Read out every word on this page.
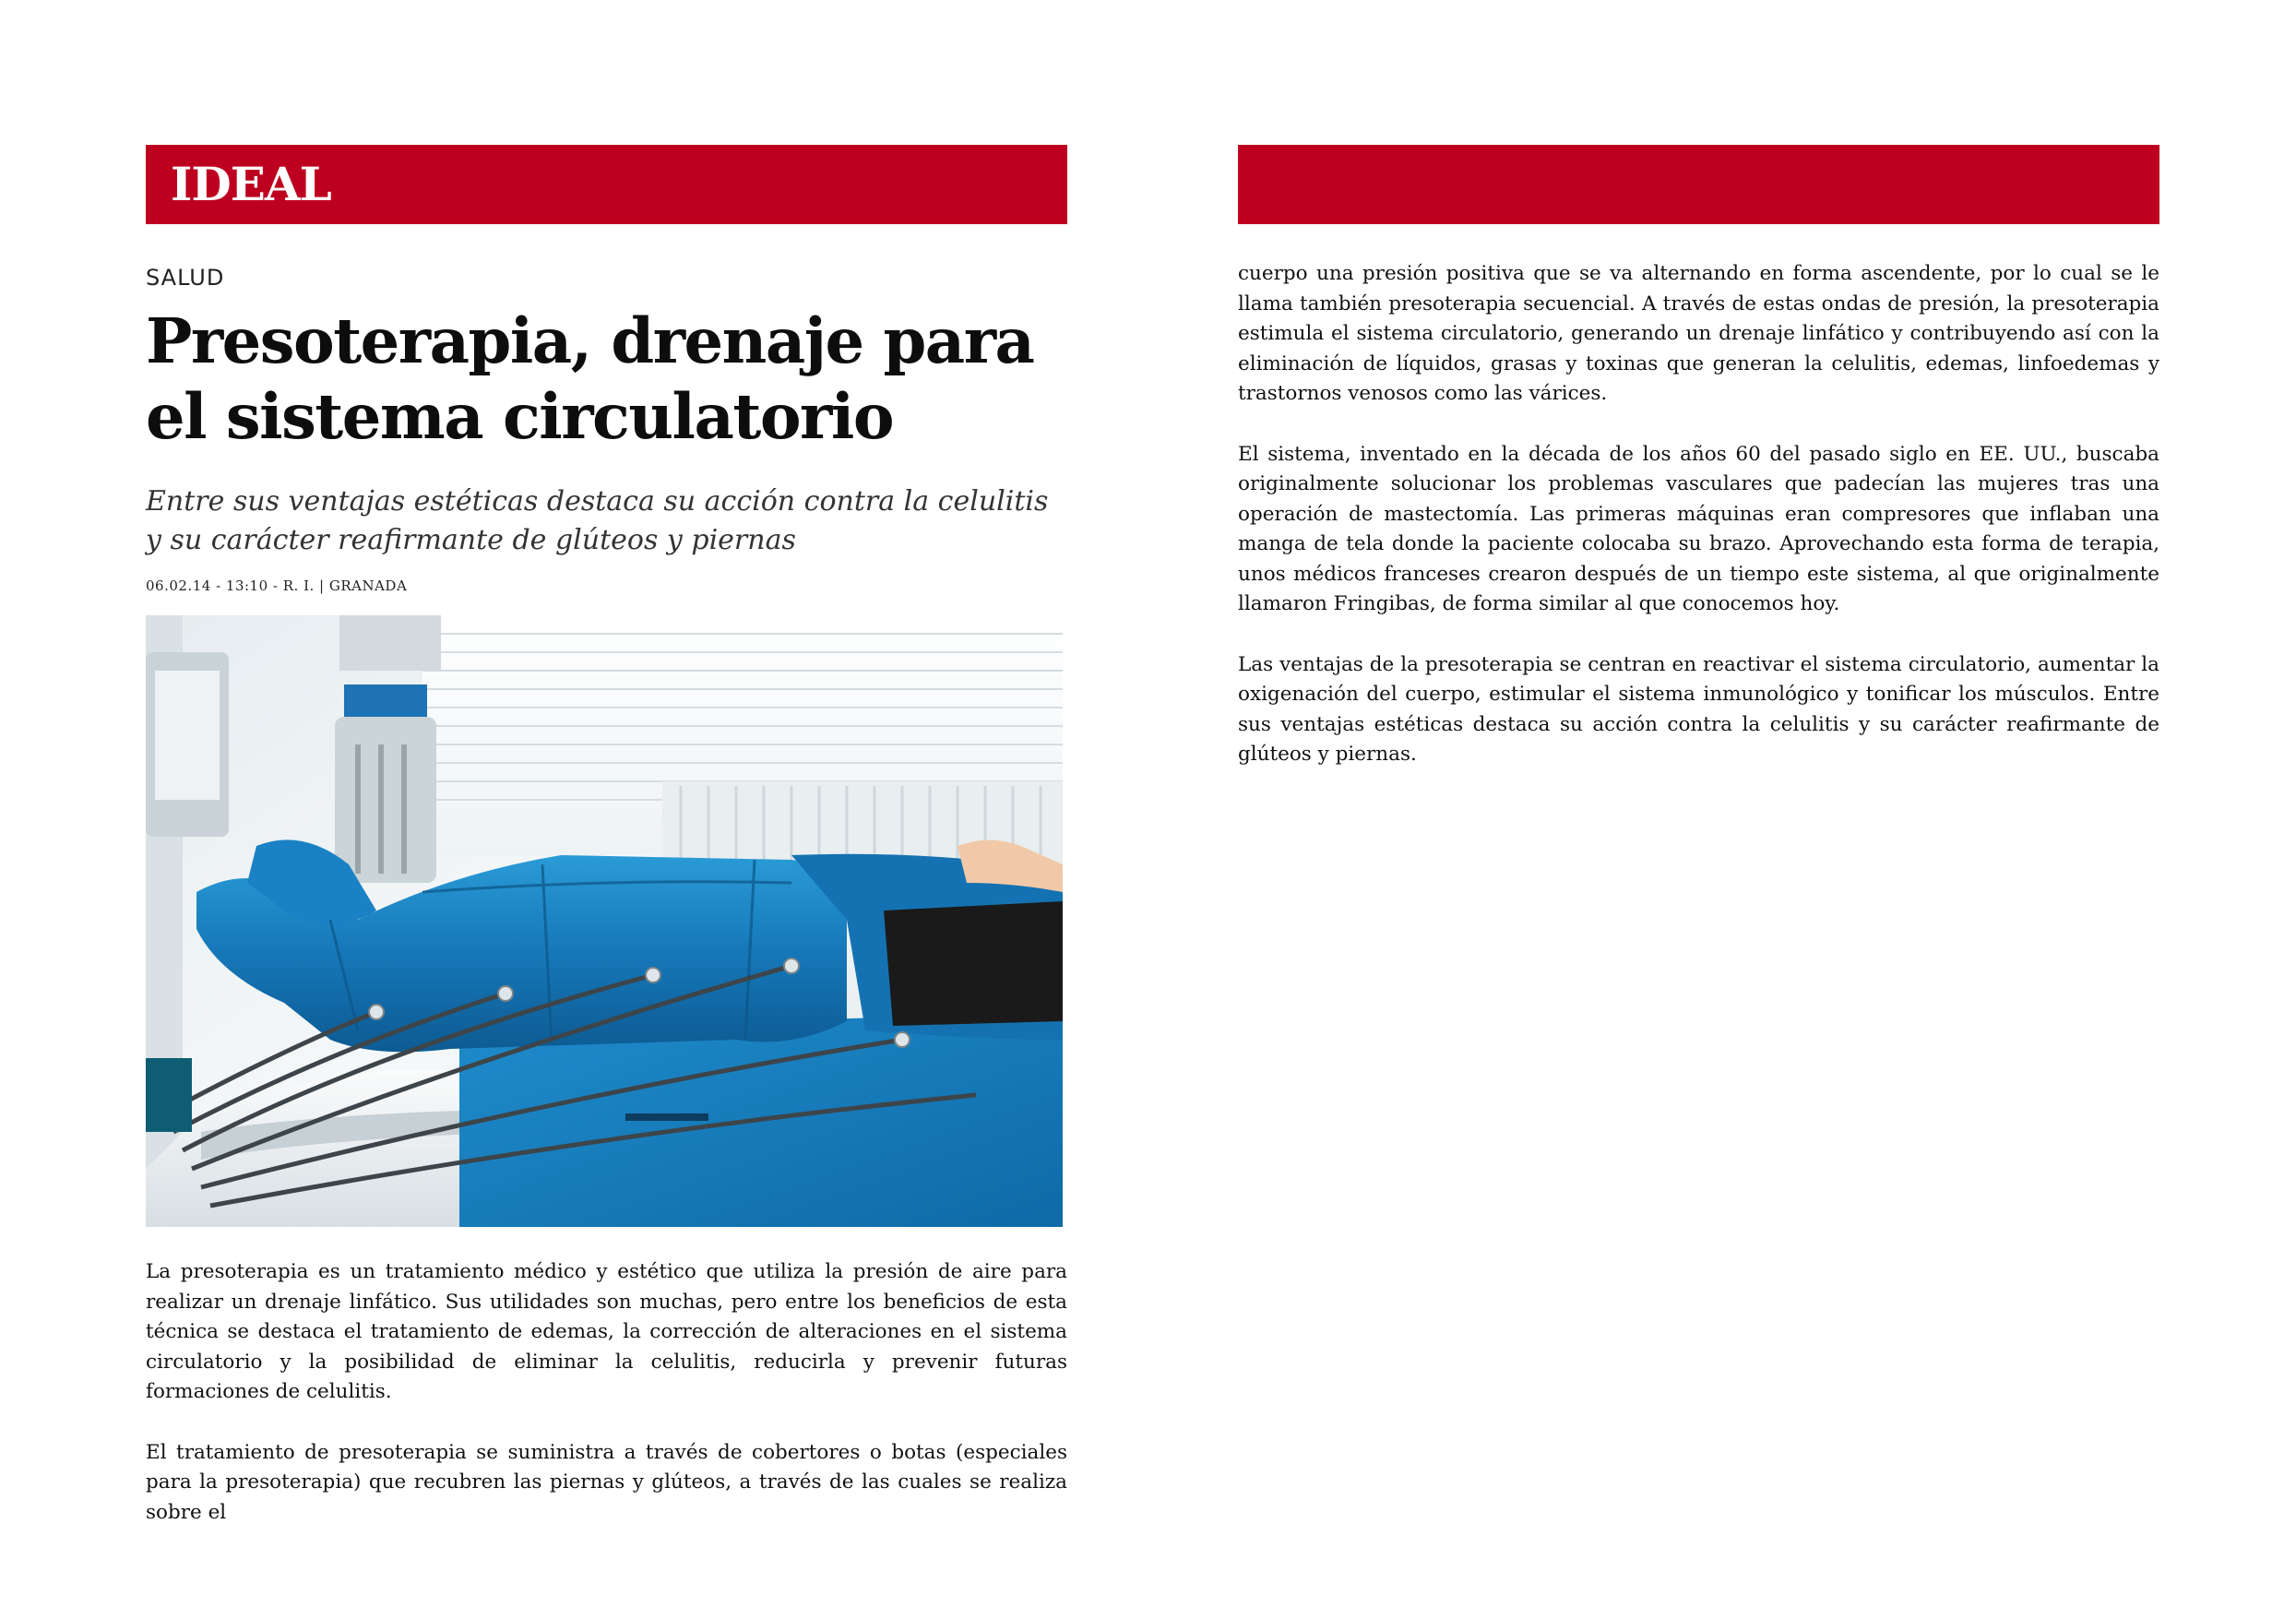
IDEAL
SALUD
Presoterapia, drenaje para el sistema circulatorio
Entre sus ventajas estéticas destaca su acción contra la celulitis y su carácter reafirmante de glúteos y piernas
06.02.14 - 13:10 - R. I. | GRANADA

La presoterapia es un tratamiento médico y estético que utiliza la presión de aire para realizar un drenaje linfático. Sus utilidades son muchas, pero entre los beneficios de esta técnica se destaca el tratamiento de edemas, la corrección de alteraciones en el sistema circulatorio y la posibilidad de eliminar la celulitis, reducirla y prevenir futuras formaciones de celulitis.

El tratamiento de presoterapia se suministra a través de cobertores o botas (especiales para la presoterapia) que recubren las piernas y glúteos, a través de las cuales se realiza sobre el

cuerpo una presión positiva que se va alternando en forma ascendente, por lo cual se le llama también presoterapia secuencial. A través de estas ondas de presión, la presoterapia estimula el sistema circulatorio, generando un drenaje linfático y contribuyendo así con la eliminación de líquidos, grasas y toxinas que generan la celulitis, edemas, linfoedemas y trastornos venosos como las várices.

El sistema, inventado en la década de los años 60 del pasado siglo en EE. UU., buscaba originalmente solucionar los problemas vasculares que padecían las mujeres tras una operación de mastectomía. Las primeras máquinas eran compresores que inflaban una manga de tela donde la paciente colocaba su brazo. Aprovechando esta forma de terapia, unos médicos franceses crearon después de un tiempo este sistema, al que originalmente llamaron Fringibas, de forma similar al que conocemos hoy.

Las ventajas de la presoterapia se centran en reactivar el sistema circulatorio, aumentar la oxigenación del cuerpo, estimular el sistema inmunológico y tonificar los músculos. Entre sus ventajas estéticas destaca su acción contra la celulitis y su carácter reafirmante de glúteos y piernas.
